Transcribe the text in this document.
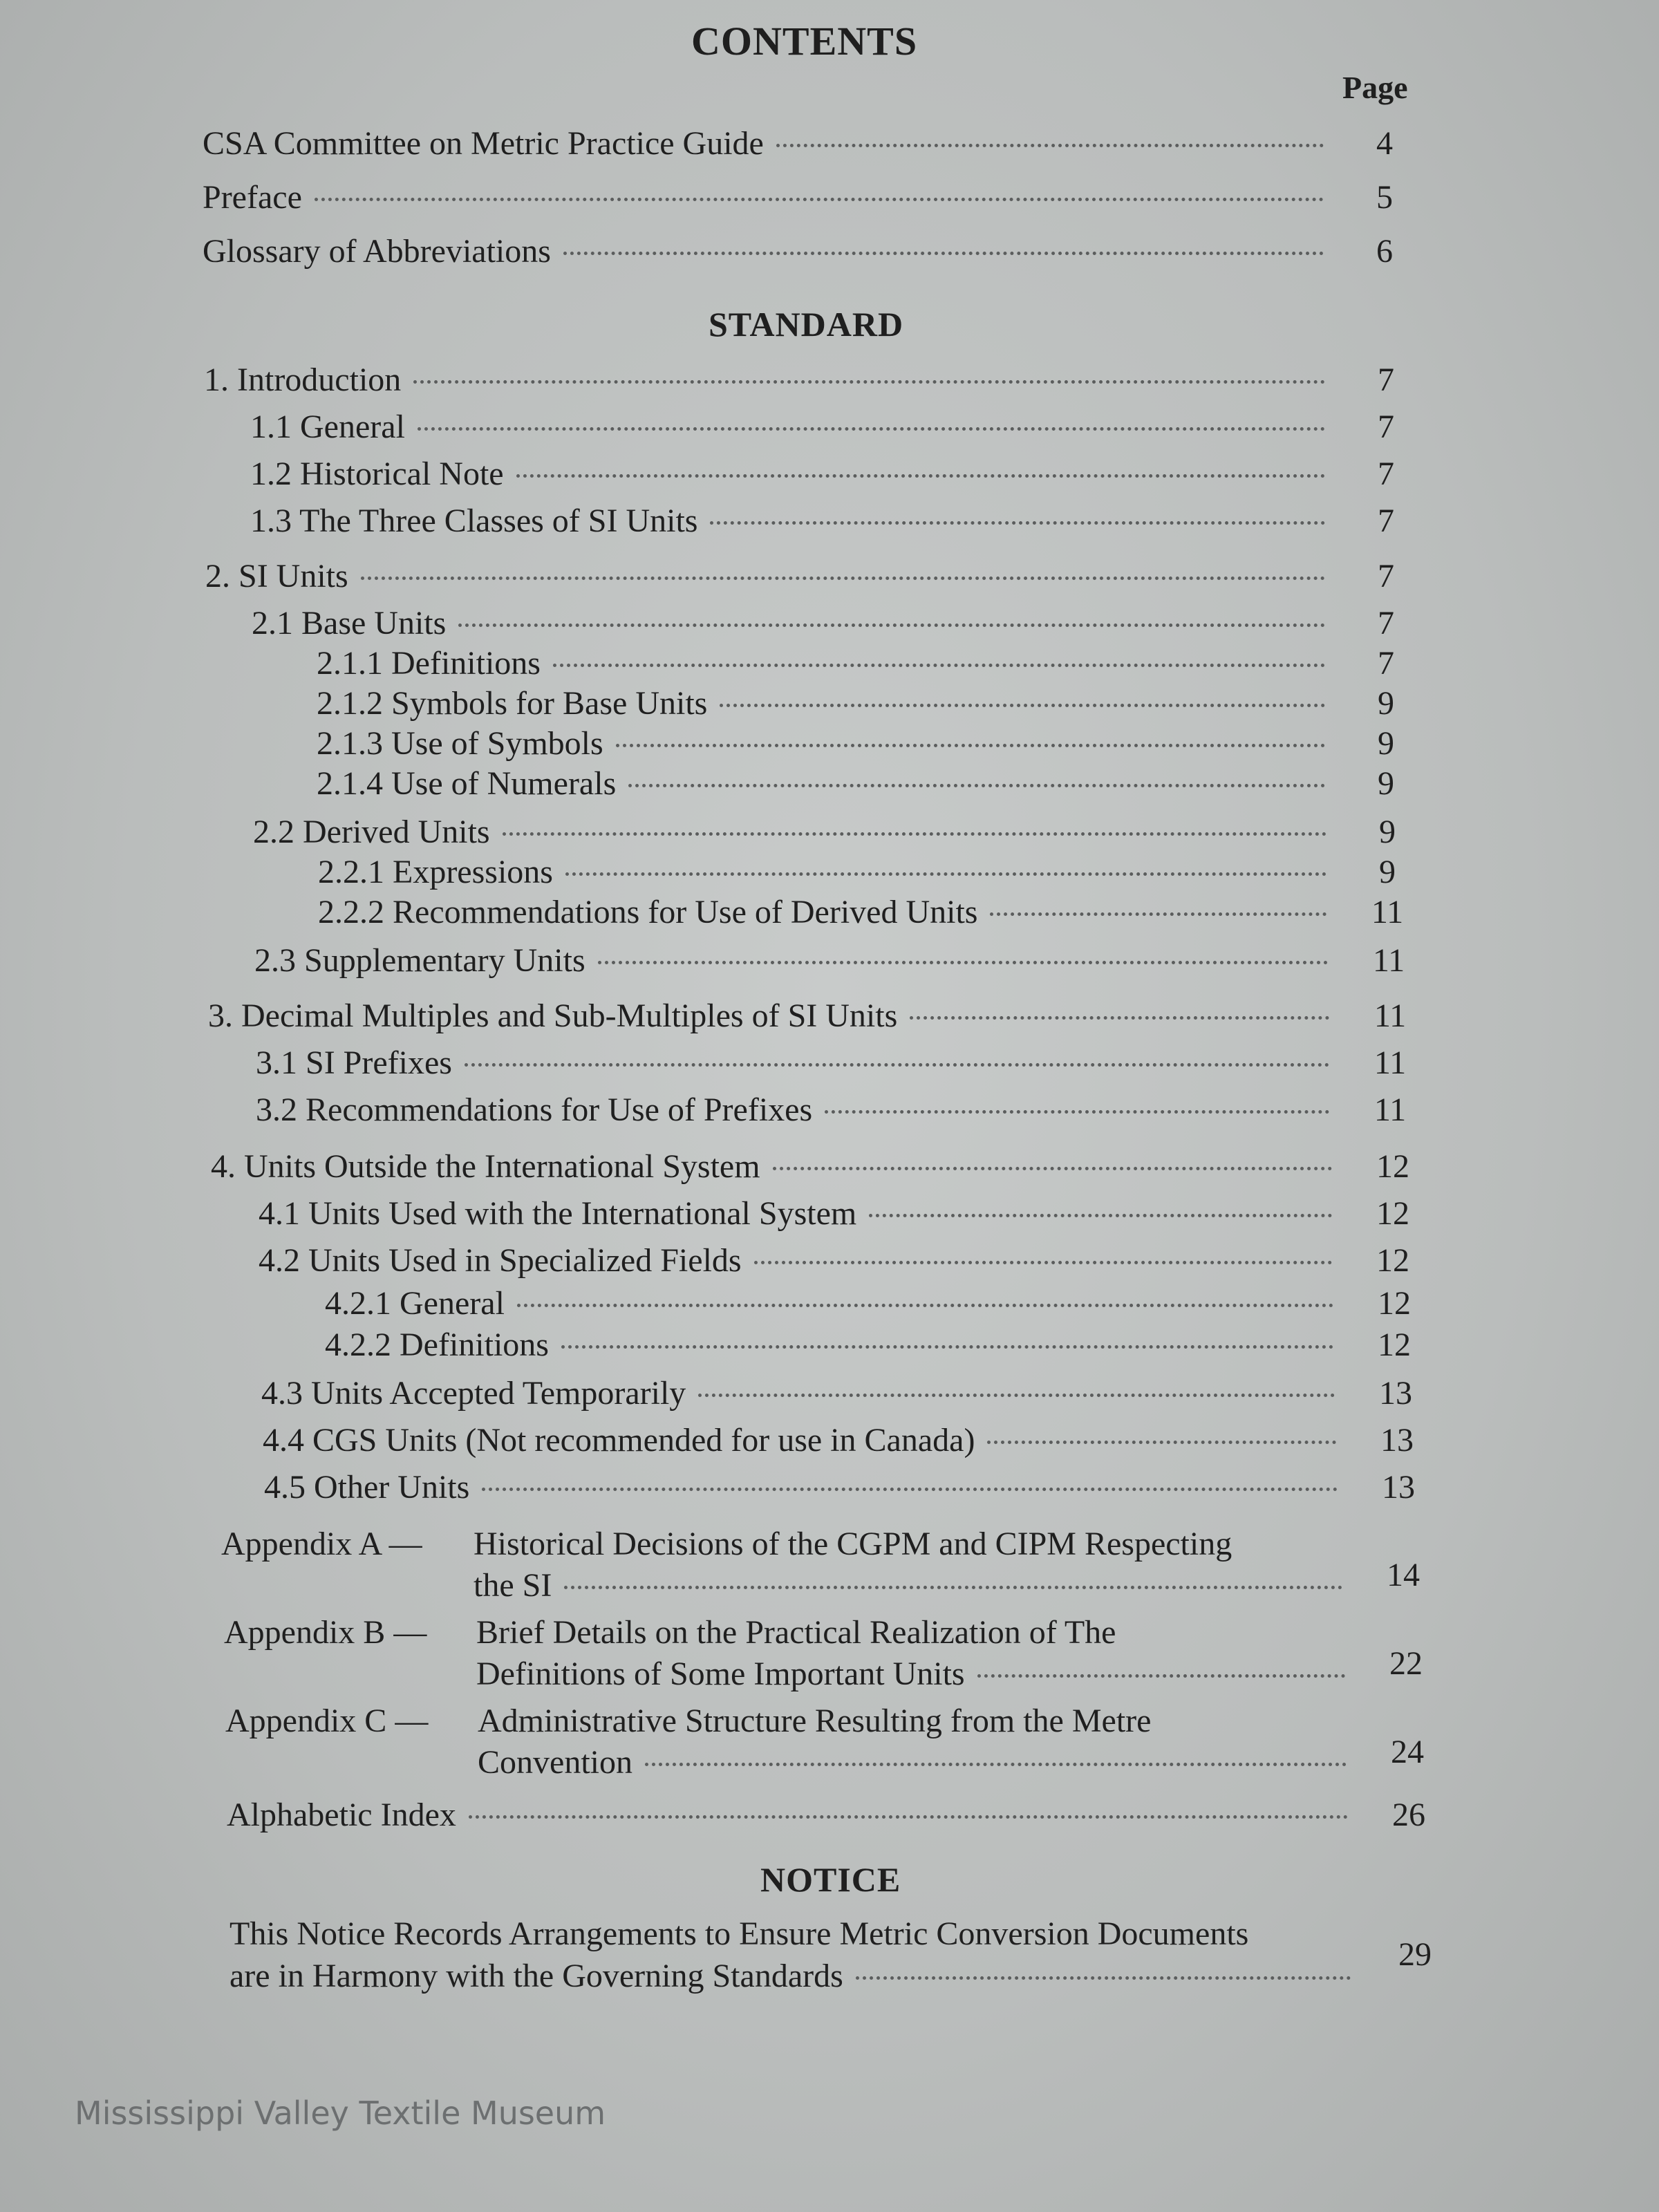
CONTENTS
Page
CSA Committee on Metric Practice Guide	4
Preface	5
Glossary of Abbreviations	6
STANDARD
1. Introduction	7
1.1 General	7
1.2 Historical Note	7
1.3 The Three Classes of SI Units	7
2. SI Units	7
2.1 Base Units	7
2.1.1 Definitions	7
2.1.2 Symbols for Base Units	9
2.1.3 Use of Symbols	9
2.1.4 Use of Numerals	9
2.2 Derived Units	9
2.2.1 Expressions	9
2.2.2 Recommendations for Use of Derived Units	11
2.3 Supplementary Units	11
3. Decimal Multiples and Sub-Multiples of SI Units	11
3.1 SI Prefixes	11
3.2 Recommendations for Use of Prefixes	11
4. Units Outside the International System	12
4.1 Units Used with the International System	12
4.2 Units Used in Specialized Fields	12
4.2.1 General	12
4.2.2 Definitions	12
4.3 Units Accepted Temporarily	13
4.4 CGS Units (Not recommended for use in Canada)	13
4.5 Other Units	13
Appendix A — Historical Decisions of the CGPM and CIPM Respecting
the SI	14
Appendix B — Brief Details on the Practical Realization of The
Definitions of Some Important Units	22
Appendix C — Administrative Structure Resulting from the Metre
Convention	24
Alphabetic Index	26
NOTICE
This Notice Records Arrangements to Ensure Metric Conversion Documents
are in Harmony with the Governing Standards
29
Mississippi Valley Textile Museum
